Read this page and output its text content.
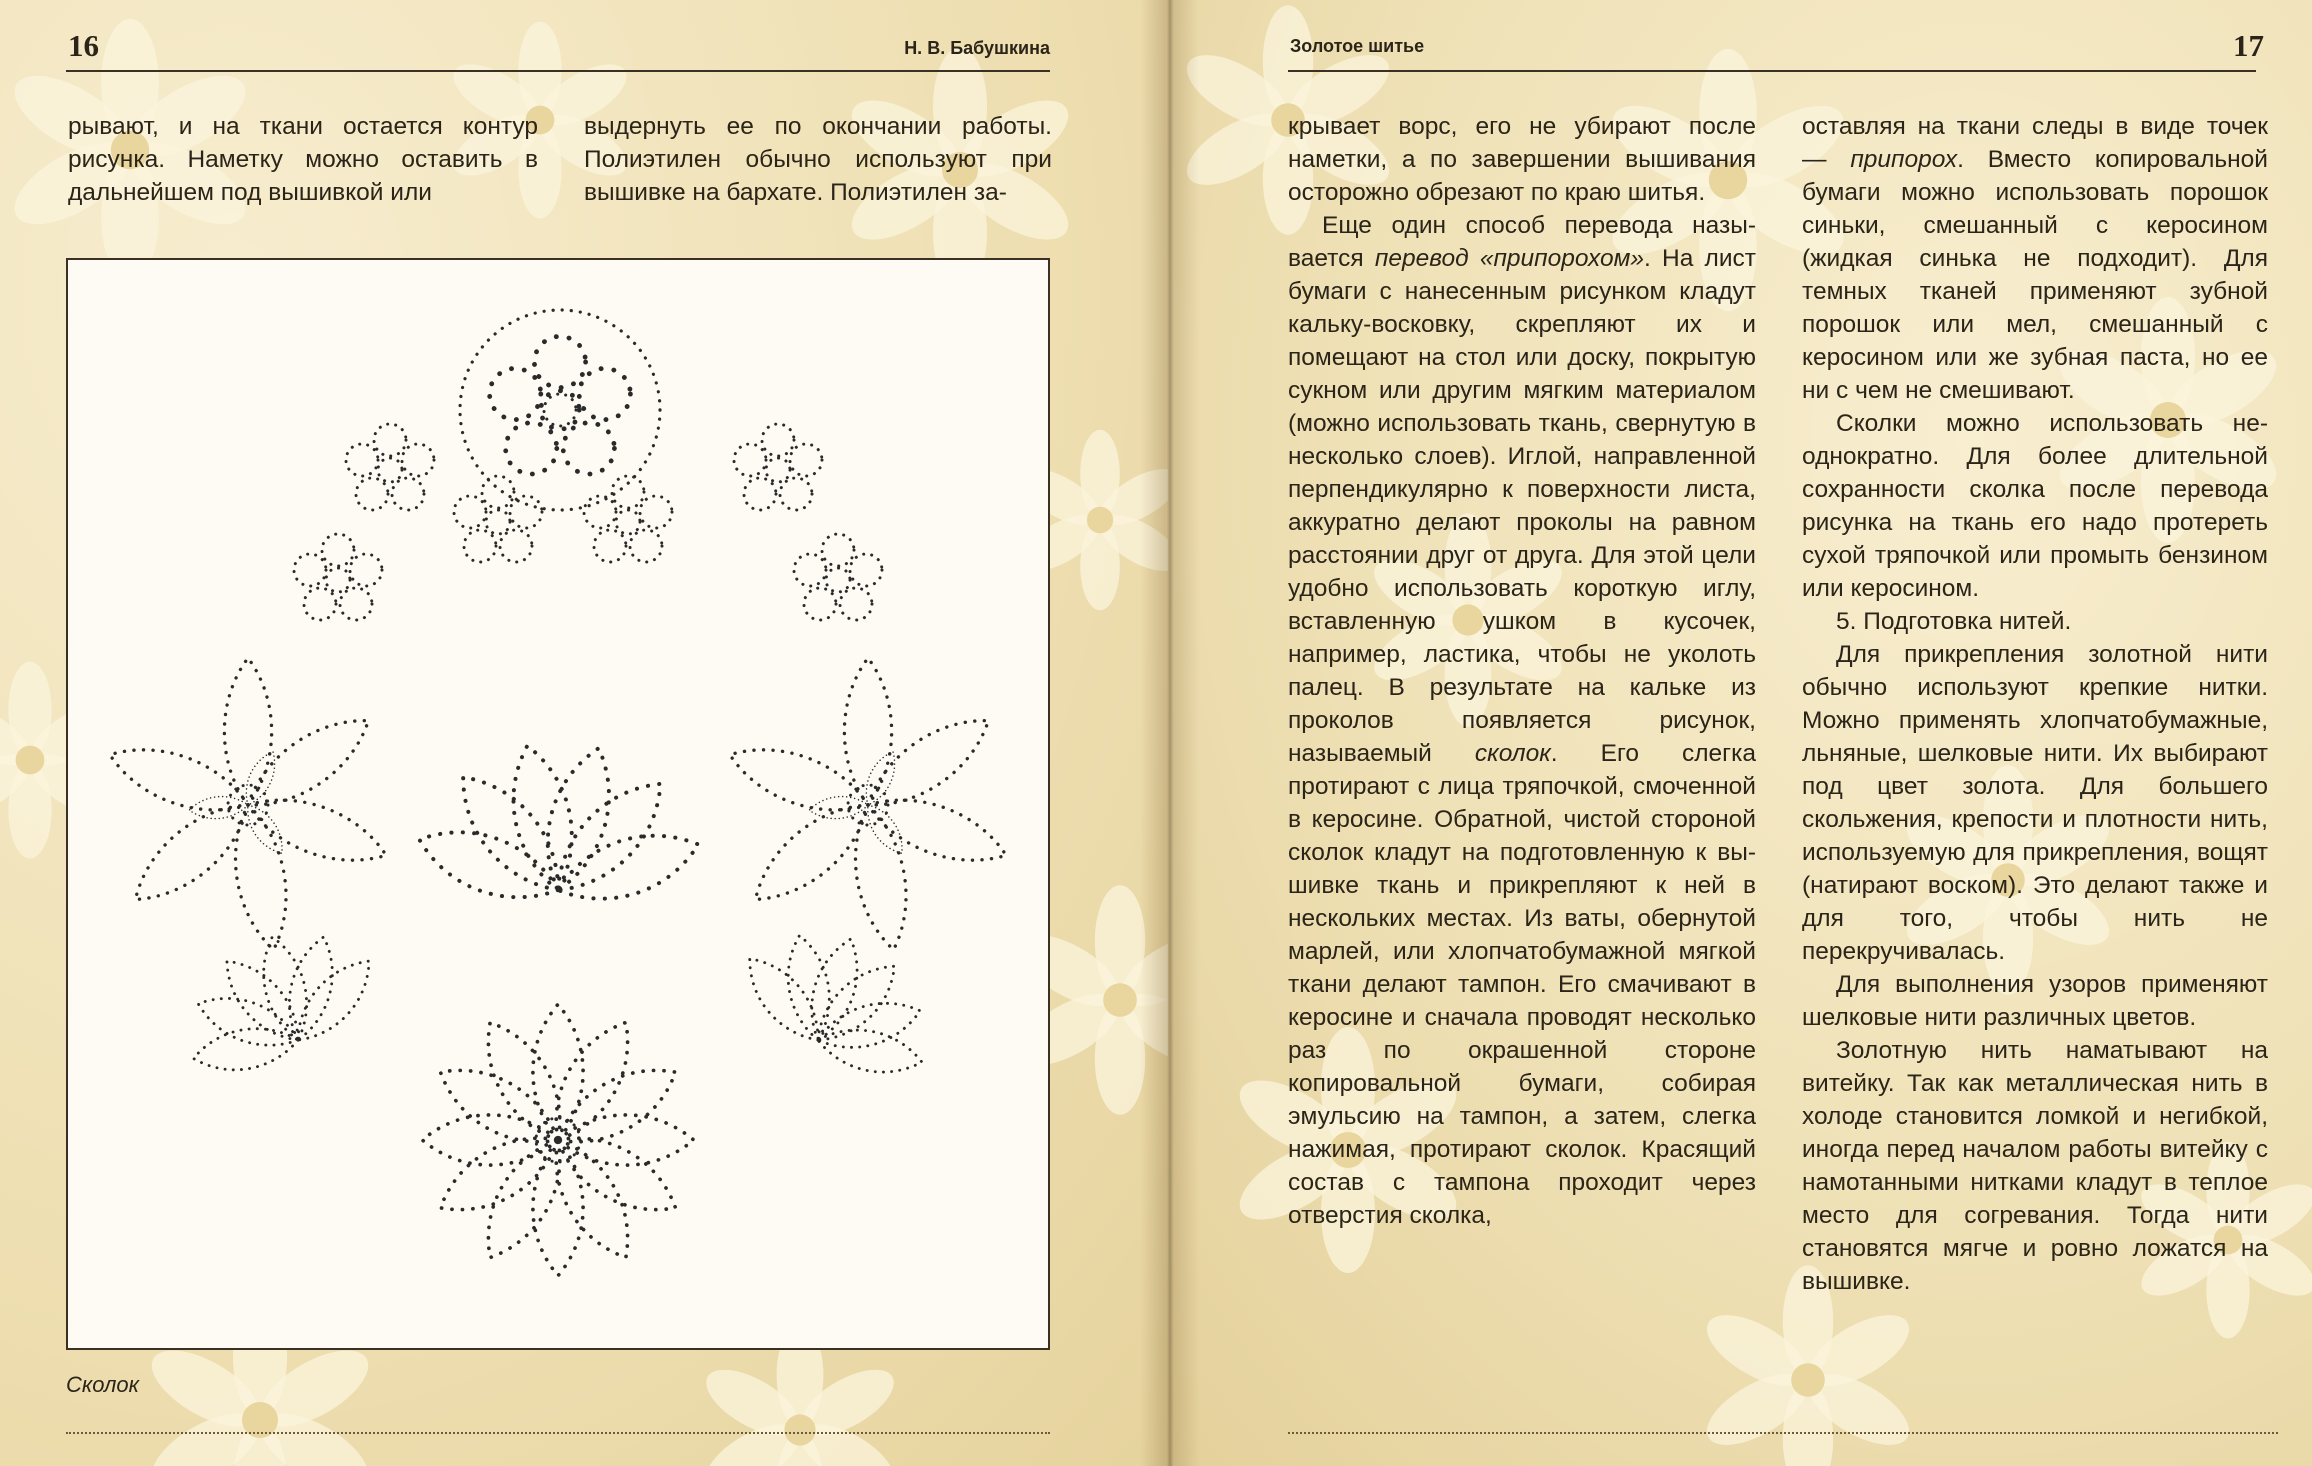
16	Н. В. Бабушкина

рывают, и на ткани остается контур рисунка. Наметку можно оставить в дальнейшем под вышивкой или

выдернуть ее по окончании работы. Полиэтилен обычно используют при вышивке на бархате. Полиэтилен за-

Сколок
Золотое шитье	17

крывает ворс, его не убирают после наметки, а по завершении вышивания осторожно обрезают по краю шитья.

Еще один способ перевода называется перевод «припорохом». На лист бумаги с нанесенным рисунком кладут кальку-восковку, скрепляют их и помещают на стол или доску, покрытую сукном или другим мягким материалом (можно использовать ткань, свернутую в несколько слоев). Иглой, направленной перпендикулярно к поверхности листа, аккуратно делают проколы на равном расстоянии друг от друга. Для этой цели удобно использовать короткую иглу, вставленную ушком в кусочек, например, ластика, чтобы не уколоть палец. В результате на кальке из проколов появляется рисунок, называемый сколок. Его слегка протирают с лица тряпочкой, смоченной в керосине. Обратной, чистой стороной сколок кладут на подготовленную к вышивке ткань и прикрепляют к ней в нескольких местах. Из ваты, обернутой марлей, или хлопчатобумажной мягкой ткани делают тампон. Его смачивают в керосине и сначала проводят несколько раз по окрашенной стороне копировальной бумаги, собирая эмульсию на тампон, а затем, слегка нажимая, протирают сколок. Красящий состав с тампона проходит через отверстия сколка,

оставляя на ткани следы в виде точек — припорох. Вместо копировальной бумаги можно использовать порошок синьки, смешанный с керосином (жидкая синька не подходит). Для темных тканей применяют зубной порошок или мел, смешанный с керосином или же зубная паста, но ее ни с чем не смешивают.

Сколки можно использовать неоднократно. Для более длительной сохранности сколка после перевода рисунка на ткань его надо протереть сухой тряпочкой или промыть бензином или керосином.

5. Подготовка нитей.

Для прикрепления золотной нити обычно используют крепкие нитки. Можно применять хлопчатобумажные, льняные, шелковые нити. Их выбирают под цвет золота. Для большего скольжения, крепости и плотности нить, используемую для прикрепления, вощят (натирают воском). Это делают также и для того, чтобы нить не перекручивалась.

Для выполнения узоров применяют шелковые нити различных цветов.

Золотную нить наматывают на витейку. Так как металлическая нить в холоде становится ломкой и негибкой, иногда перед началом работы витейку с намотанными нитками кладут в теплое место для согревания. Тогда нити становятся мягче и ровно ложатся на вышивке.
